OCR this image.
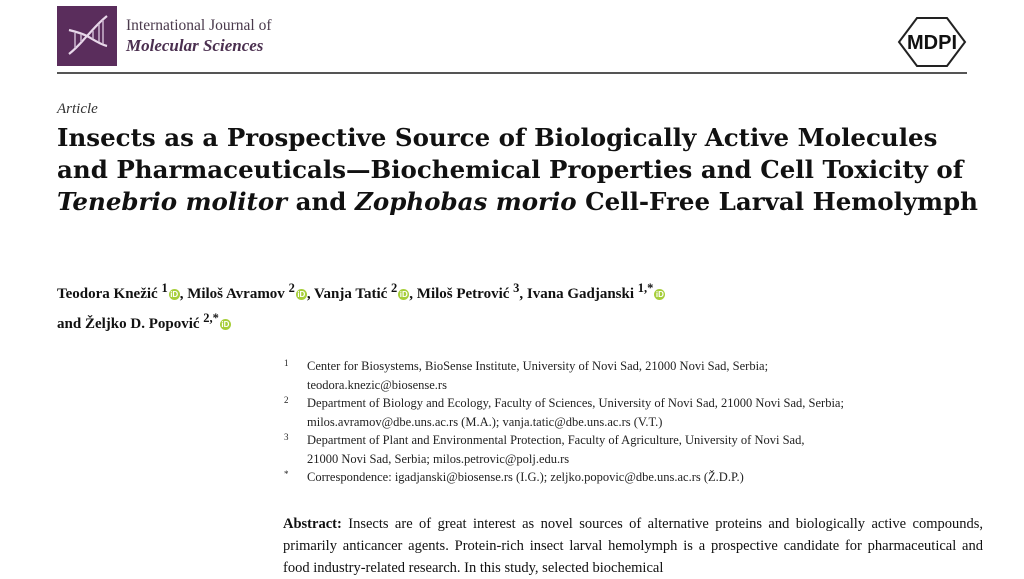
International Journal of
Molecular Sciences	MDPI
Article
Insects as a Prospective Source of Biologically Active Molecules and Pharmaceuticals—Biochemical Properties and Cell Toxicity of Tenebrio molitor and Zophobas morio Cell-Free Larval Hemolymph
Teodora Knežić $^1$ iD , Miloš Avramov $^2$ iD , Vanja Tatić $^2$ iD , Miloš Petrović $^3$, Ivana Gadjanski $^{1,*}$ iD
and Željko D. Popović $^{2,*}$ iD
1 Center for Biosystems, BioSense Institute, University of Novi Sad, 21000 Novi Sad, Serbia;
teodora.knezic@biosense.rs
2 Department of Biology and Ecology, Faculty of Sciences, University of Novi Sad, 21000 Novi Sad, Serbia;
milos.avramov@dbe.uns.ac.rs (M.A.); vanja.tatic@dbe.uns.ac.rs (V.T.)
3 Department of Plant and Environmental Protection, Faculty of Agriculture, University of Novi Sad,
21000 Novi Sad, Serbia; milos.petrovic@polj.edu.rs
* Correspondence: igadjanski@biosense.rs (I.G.); zeljko.popovic@dbe.uns.ac.rs (Ž.D.P.)
Abstract: Insects are of great interest as novel sources of alternative proteins and biologically active compounds, primarily anticancer agents. Protein-rich insect larval hemolymph is a prospective candidate for pharmaceutical and food industry-related research. In this study, selected biochemical
